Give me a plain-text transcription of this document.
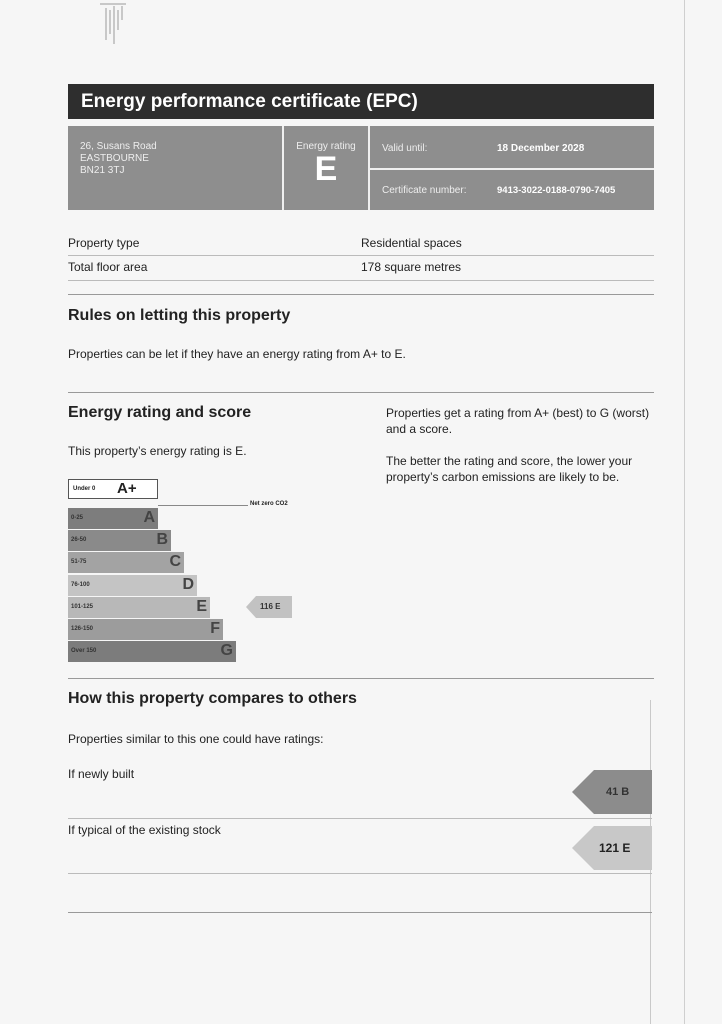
Energy performance certificate (EPC)
26, Susans Road
EASTBOURNE
BN21 3TJ
Energy rating
E
Valid until:	18 December 2028
Certificate number:	9413-3022-0188-0790-7405
Property type	Residential spaces
Total floor area	178 square metres
Rules on letting this property
Properties can be let if they have an energy rating from A+ to E.
Energy rating and score
This property’s energy rating is E.
Properties get a rating from A+ (best) to G (worst) and a score.
The better the rating and score, the lower your property’s carbon emissions are likely to be.
Under 0 A+
Net zero CO2
0-25	A
26-50	B
51-75	C
76-100	D
101-125	E
126-150	F
Over 150	G
116 E
How this property compares to others
Properties similar to this one could have ratings:
If newly built
41 B
If typical of the existing stock
121 E
